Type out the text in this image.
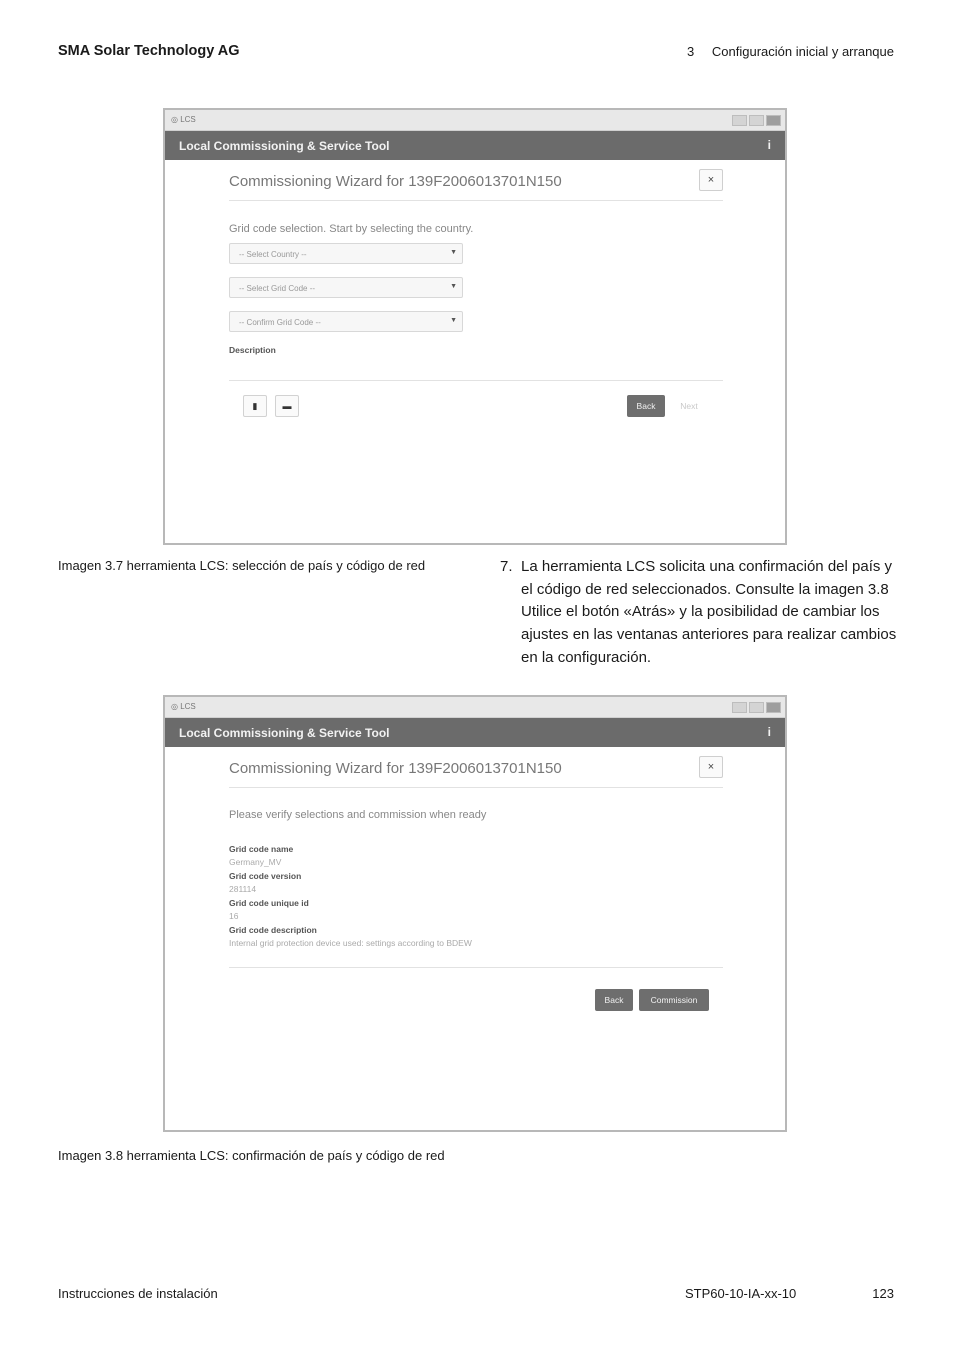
SMA Solar Technology AG	3 Configuración inicial y arranque
◎ LCS
Local Commissioning & Service Tool	i
Commissioning Wizard for 139F2006013701N150	×
Grid code selection. Start by selecting the country.
-- Select Country --	▼
-- Select Grid Code --	▼
-- Confirm Grid Code --	▼
Description
▮	▬	Back	Next
Imagen 3.7 herramienta LCS: selección de país y código de red	7. La herramienta LCS solicita una confirmación del país y el código de red seleccionados. Consulte la imagen 3.8 Utilice el botón «Atrás» y la posibilidad de cambiar los ajustes en las ventanas anteriores para realizar cambios en la configuración.
◎ LCS
Local Commissioning & Service Tool	i
Commissioning Wizard for 139F2006013701N150	×
Please verify selections and commission when ready
Grid code name
Germany_MV
Grid code version
281114
Grid code unique id
16
Grid code description
Internal grid protection device used: settings according to BDEW
Back	Commission
Imagen 3.8 herramienta LCS: confirmación de país y código de red
Instrucciones de instalación	STP60-10-IA-xx-10	123
